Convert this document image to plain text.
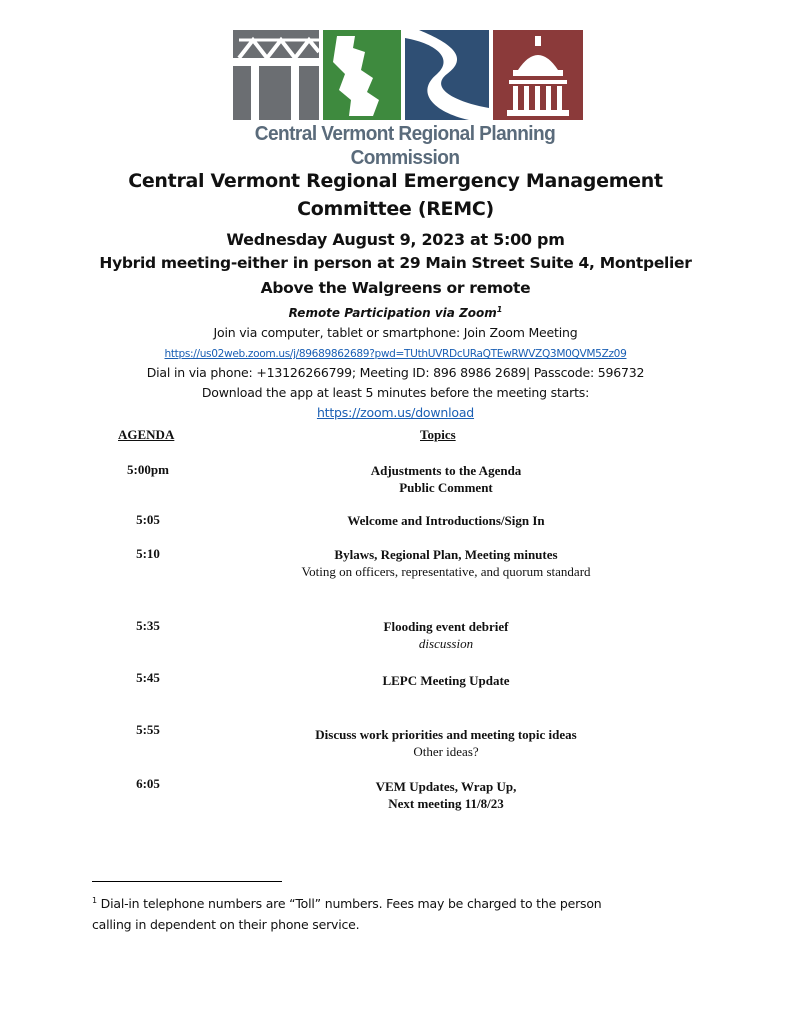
Central Vermont Regional Planning Commission
Central Vermont Regional Emergency Management
Committee (REMC)
Wednesday August 9, 2023 at 5:00 pm
Hybrid meeting-either in person at 29 Main Street Suite 4, Montpelier
Above the Walgreens or remote
Remote Participation via Zoom$^1$
Join via computer, tablet or smartphone: Join Zoom Meeting
https://us02web.zoom.us/j/89689862689?pwd=TUthUVRDcURaQTEwRWVZQ3M0QVM5Zz09
Dial in via phone: +13126266799; Meeting ID: 896 8986 2689| Passcode: 596732
Download the app at least 5 minutes before the meeting starts:
https://zoom.us/download
AGENDA	Topics
5:00pm	Adjustments to the Agenda
Public Comment
5:05	Welcome and Introductions/Sign In
5:10	Bylaws, Regional Plan, Meeting minutes
Voting on officers, representative, and quorum standard
5:35	Flooding event debrief
discussion
5:45	LEPC Meeting Update
5:55	Discuss work priorities and meeting topic ideas
Other ideas?
6:05	VEM Updates, Wrap Up,
Next meeting 11/8/23
$^1$ Dial-in telephone numbers are “Toll” numbers. Fees may be charged to the person
calling in dependent on their phone service.
